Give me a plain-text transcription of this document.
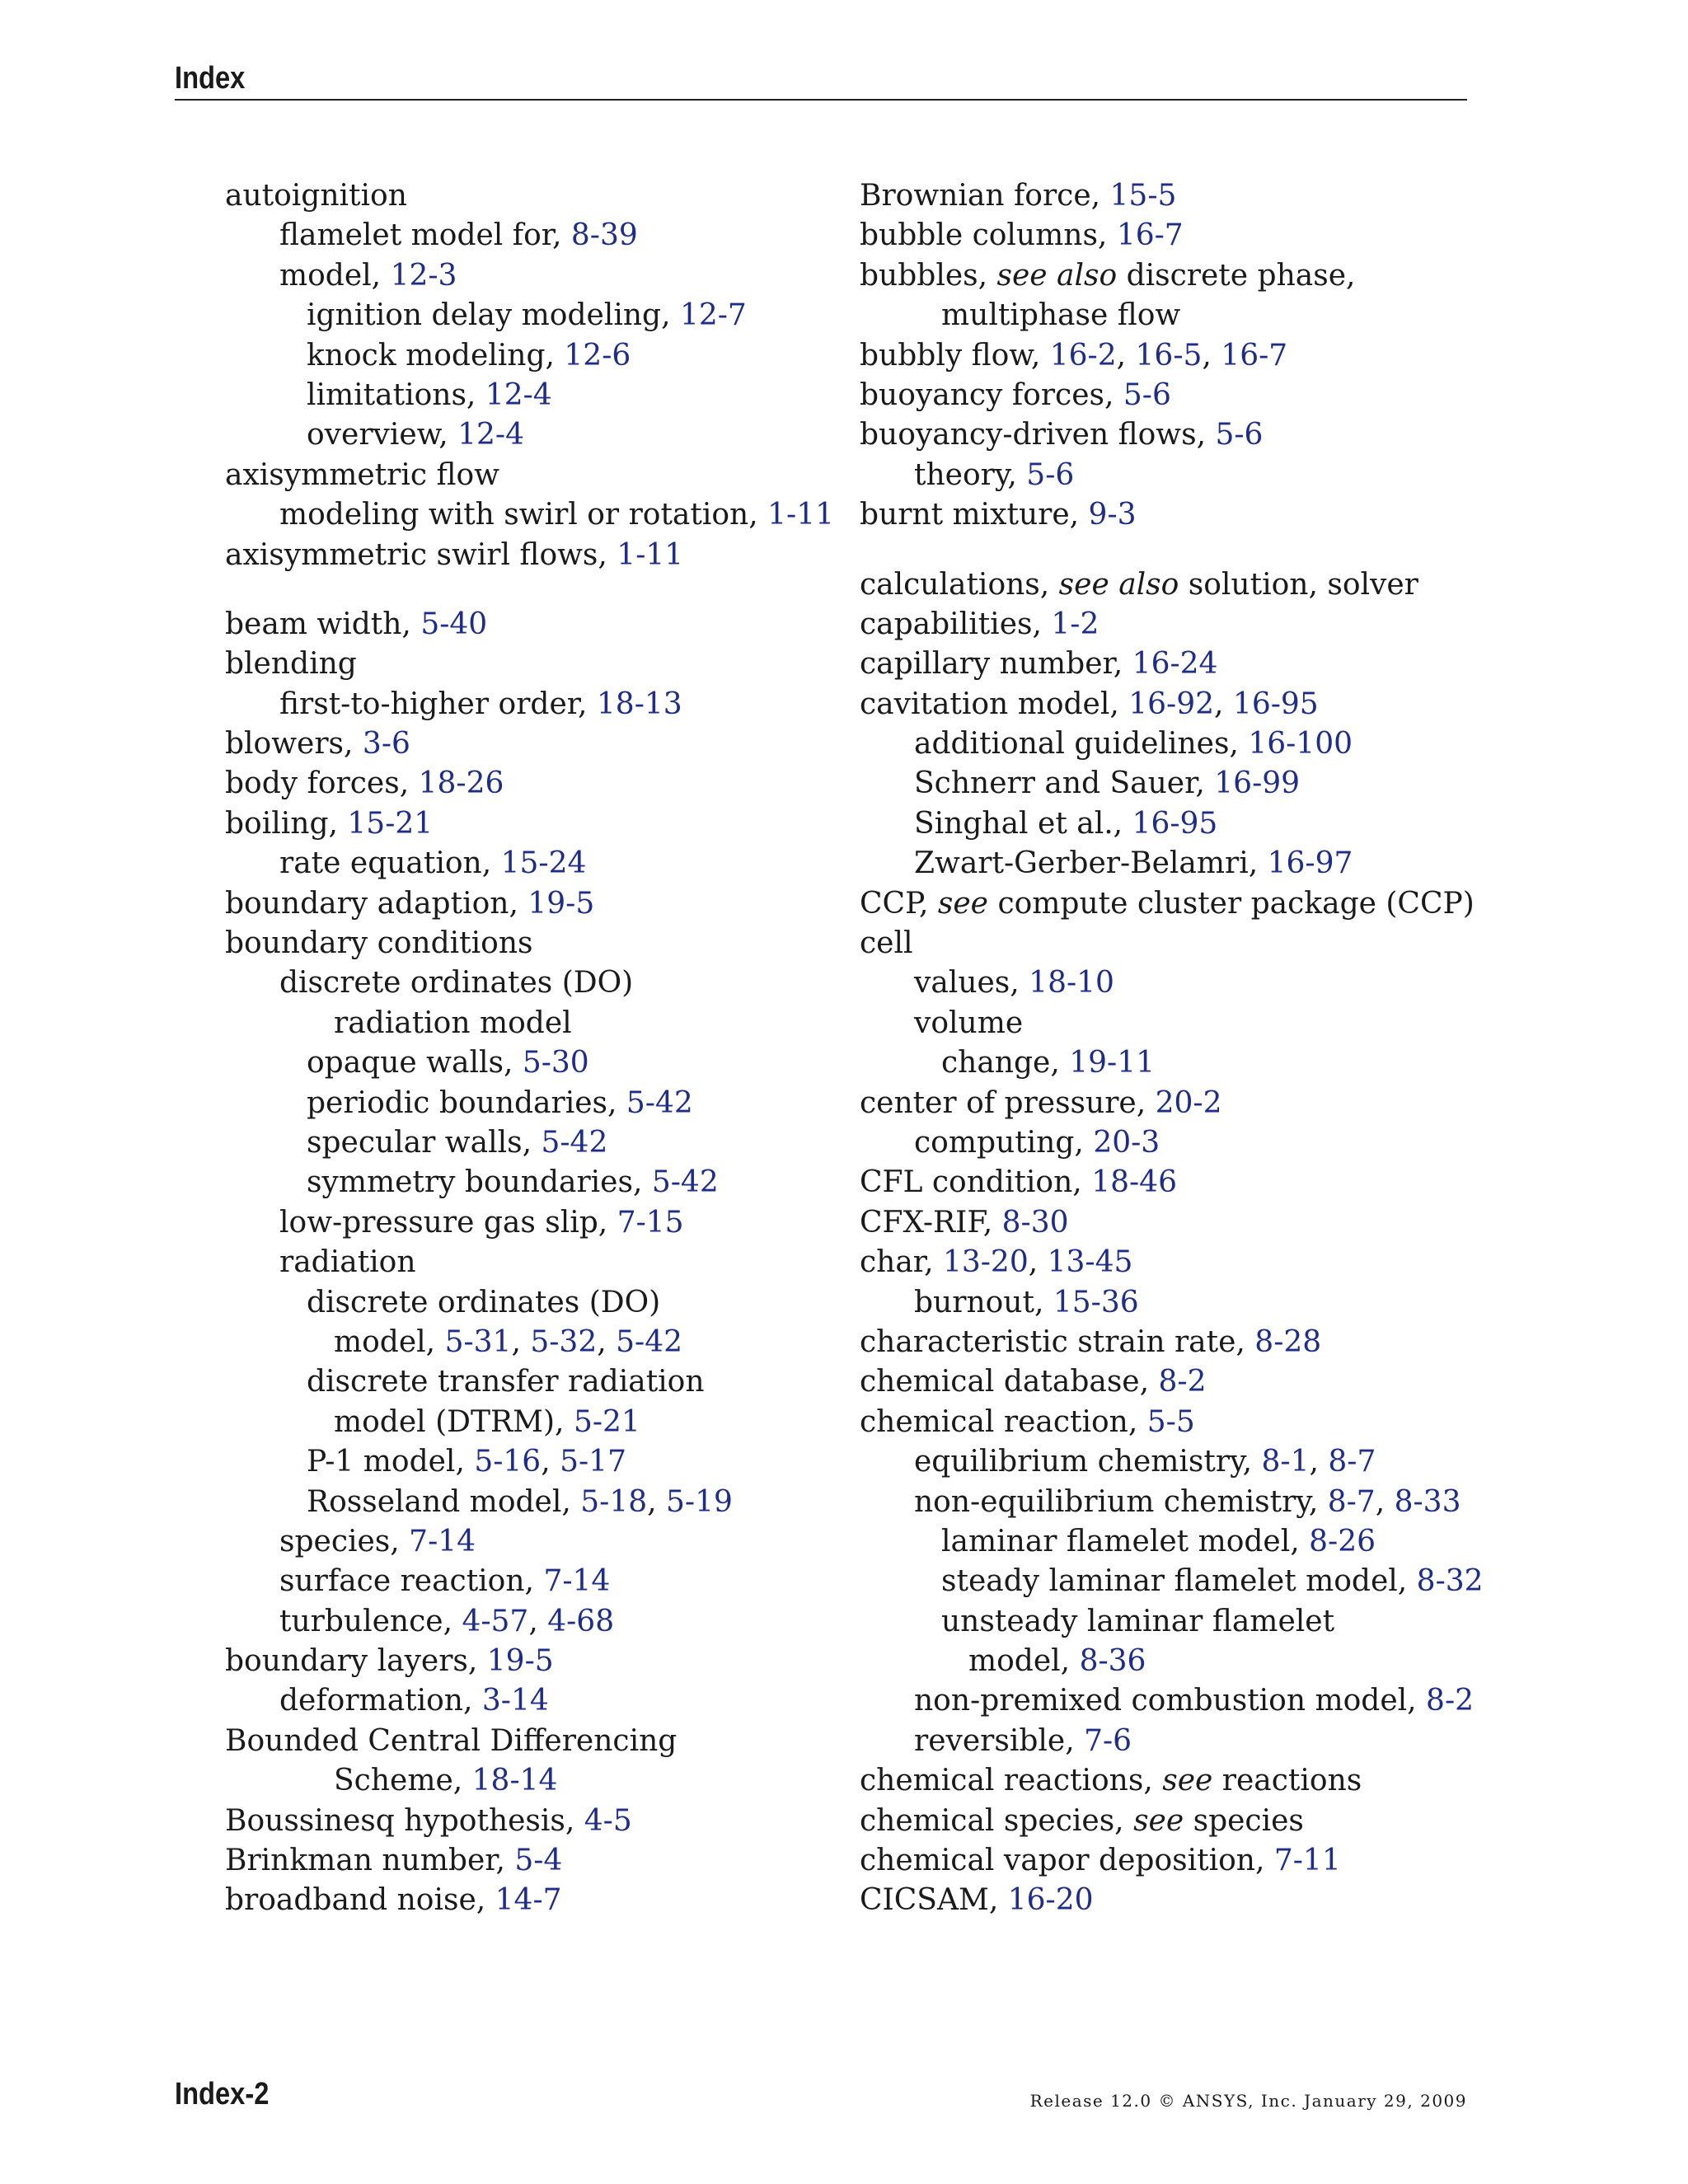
Index
autoignition
flamelet model for, 8-39
model, 12-3
ignition delay modeling, 12-7
knock modeling, 12-6
limitations, 12-4
overview, 12-4
axisymmetric flow
modeling with swirl or rotation, 1-11
axisymmetric swirl flows, 1-11
beam width, 5-40
blending
first-to-higher order, 18-13
blowers, 3-6
body forces, 18-26
boiling, 15-21
rate equation, 15-24
boundary adaption, 19-5
boundary conditions
discrete ordinates (DO)
radiation model
opaque walls, 5-30
periodic boundaries, 5-42
specular walls, 5-42
symmetry boundaries, 5-42
low-pressure gas slip, 7-15
radiation
discrete ordinates (DO)
model, 5-31, 5-32, 5-42
discrete transfer radiation
model (DTRM), 5-21
P-1 model, 5-16, 5-17
Rosseland model, 5-18, 5-19
species, 7-14
surface reaction, 7-14
turbulence, 4-57, 4-68
boundary layers, 19-5
deformation, 3-14
Bounded Central Differencing
Scheme, 18-14
Boussinesq hypothesis, 4-5
Brinkman number, 5-4
broadband noise, 14-7
Brownian force, 15-5
bubble columns, 16-7
bubbles, see also discrete phase,
multiphase flow
bubbly flow, 16-2, 16-5, 16-7
buoyancy forces, 5-6
buoyancy-driven flows, 5-6
theory, 5-6
burnt mixture, 9-3
calculations, see also solution, solver
capabilities, 1-2
capillary number, 16-24
cavitation model, 16-92, 16-95
additional guidelines, 16-100
Schnerr and Sauer, 16-99
Singhal et al., 16-95
Zwart-Gerber-Belamri, 16-97
CCP, see compute cluster package (CCP)
cell
values, 18-10
volume
change, 19-11
center of pressure, 20-2
computing, 20-3
CFL condition, 18-46
CFX-RIF, 8-30
char, 13-20, 13-45
burnout, 15-36
characteristic strain rate, 8-28
chemical database, 8-2
chemical reaction, 5-5
equilibrium chemistry, 8-1, 8-7
non-equilibrium chemistry, 8-7, 8-33
laminar flamelet model, 8-26
steady laminar flamelet model, 8-32
unsteady laminar flamelet
model, 8-36
non-premixed combustion model, 8-2
reversible, 7-6
chemical reactions, see reactions
chemical species, see species
chemical vapor deposition, 7-11
CICSAM, 16-20
Index-2	Release 12.0 © ANSYS, Inc. January 29, 2009
